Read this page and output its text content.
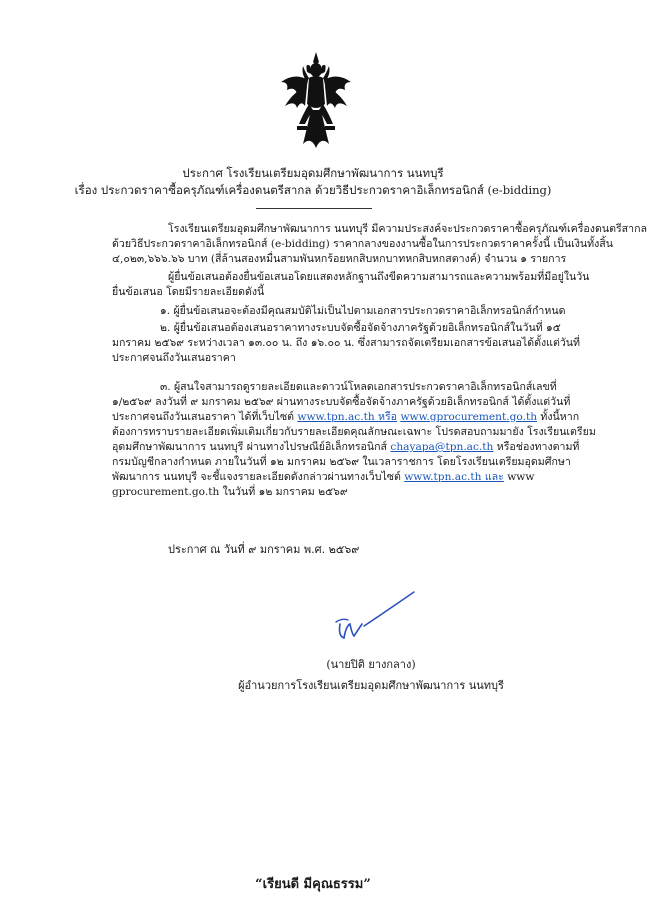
ประกาศ โรงเรียนเตรียมอุดมศึกษาพัฒนาการ นนทบุรี
เรื่อง ประกวดราคาซื้อครุภัณฑ์เครื่องดนตรีสากล ด้วยวิธีประกวดราคาอิเล็กทรอนิกส์ (e-bidding)
โรงเรียนเตรียมอุดมศึกษาพัฒนาการ นนทบุรี มีความประสงค์จะประกวดราคาซื้อครุภัณฑ์เครื่องดนตรีสากล
ด้วยวิธีประกวดราคาอิเล็กทรอนิกส์ (e-bidding) ราคากลางของงานซื้อในการประกวดราคาครั้งนี้ เป็นเงินทั้งสิ้น
๔,๐๒๓,๖๖๖.๖๖ บาท (สี่ล้านสองหมื่นสามพันหกร้อยหกสิบหกบาทหกสิบหกสตางค์) จำนวน ๑ รายการ
ผู้ยื่นข้อเสนอต้องยื่นข้อเสนอโดยแสดงหลักฐานถึงขีดความสามารถและความพร้อมที่มีอยู่ในวัน
ยื่นข้อเสนอ โดยมีรายละเอียดดังนี้
๑. ผู้ยื่นข้อเสนอจะต้องมีคุณสมบัติไม่เป็นไปตามเอกสารประกวดราคาอิเล็กทรอนิกส์กำหนด
๒. ผู้ยื่นข้อเสนอต้องเสนอราคาทางระบบจัดซื้อจัดจ้างภาครัฐด้วยอิเล็กทรอนิกส์ในวันที่ ๑๕
มกราคม ๒๕๖๙ ระหว่างเวลา ๑๓.๐๐ น. ถึง ๑๖.๐๐ น. ซึ่งสามารถจัดเตรียมเอกสารข้อเสนอได้ตั้งแต่วันที่
ประกาศจนถึงวันเสนอราคา
๓. ผู้สนใจสามารถดูรายละเอียดและดาวน์โหลดเอกสารประกวดราคาอิเล็กทรอนิกส์เลขที่
๑/๒๕๖๙ ลงวันที่ ๙ มกราคม ๒๕๖๙ ผ่านทางระบบจัดซื้อจัดจ้างภาครัฐด้วยอิเล็กทรอนิกส์ ได้ตั้งแต่วันที่
ประกาศจนถึงวันเสนอราคา ได้ที่เว็บไซต์ www.tpn.ac.th หรือ www.gprocurement.go.th ทั้งนี้หาก
ต้องการทราบรายละเอียดเพิ่มเติมเกี่ยวกับรายละเอียดคุณลักษณะเฉพาะ โปรดสอบถามมายัง โรงเรียนเตรียม
อุดมศึกษาพัฒนาการ นนทบุรี ผ่านทางไปรษณีย์อิเล็กทรอนิกส์ chayapa@tpn.ac.th หรือช่องทางตามที่
กรมบัญชีกลางกำหนด ภายในวันที่ ๑๒ มกราคม ๒๕๖๙ ในเวลาราชการ โดยโรงเรียนเตรียมอุดมศึกษา
พัฒนาการ นนทบุรี จะชี้แจงรายละเอียดดังกล่าวผ่านทางเว็บไซต์ www.tpn.ac.th และ www
gprocurement.go.th ในวันที่ ๑๒ มกราคม ๒๕๖๙
ประกาศ ณ วันที่ ๙ มกราคม พ.ศ. ๒๕๖๙
(นายปิติ ยางกลาง)
ผู้อำนวยการโรงเรียนเตรียมอุดมศึกษาพัฒนาการ นนทบุรี
“เรียนดี มีคุณธรรม”
